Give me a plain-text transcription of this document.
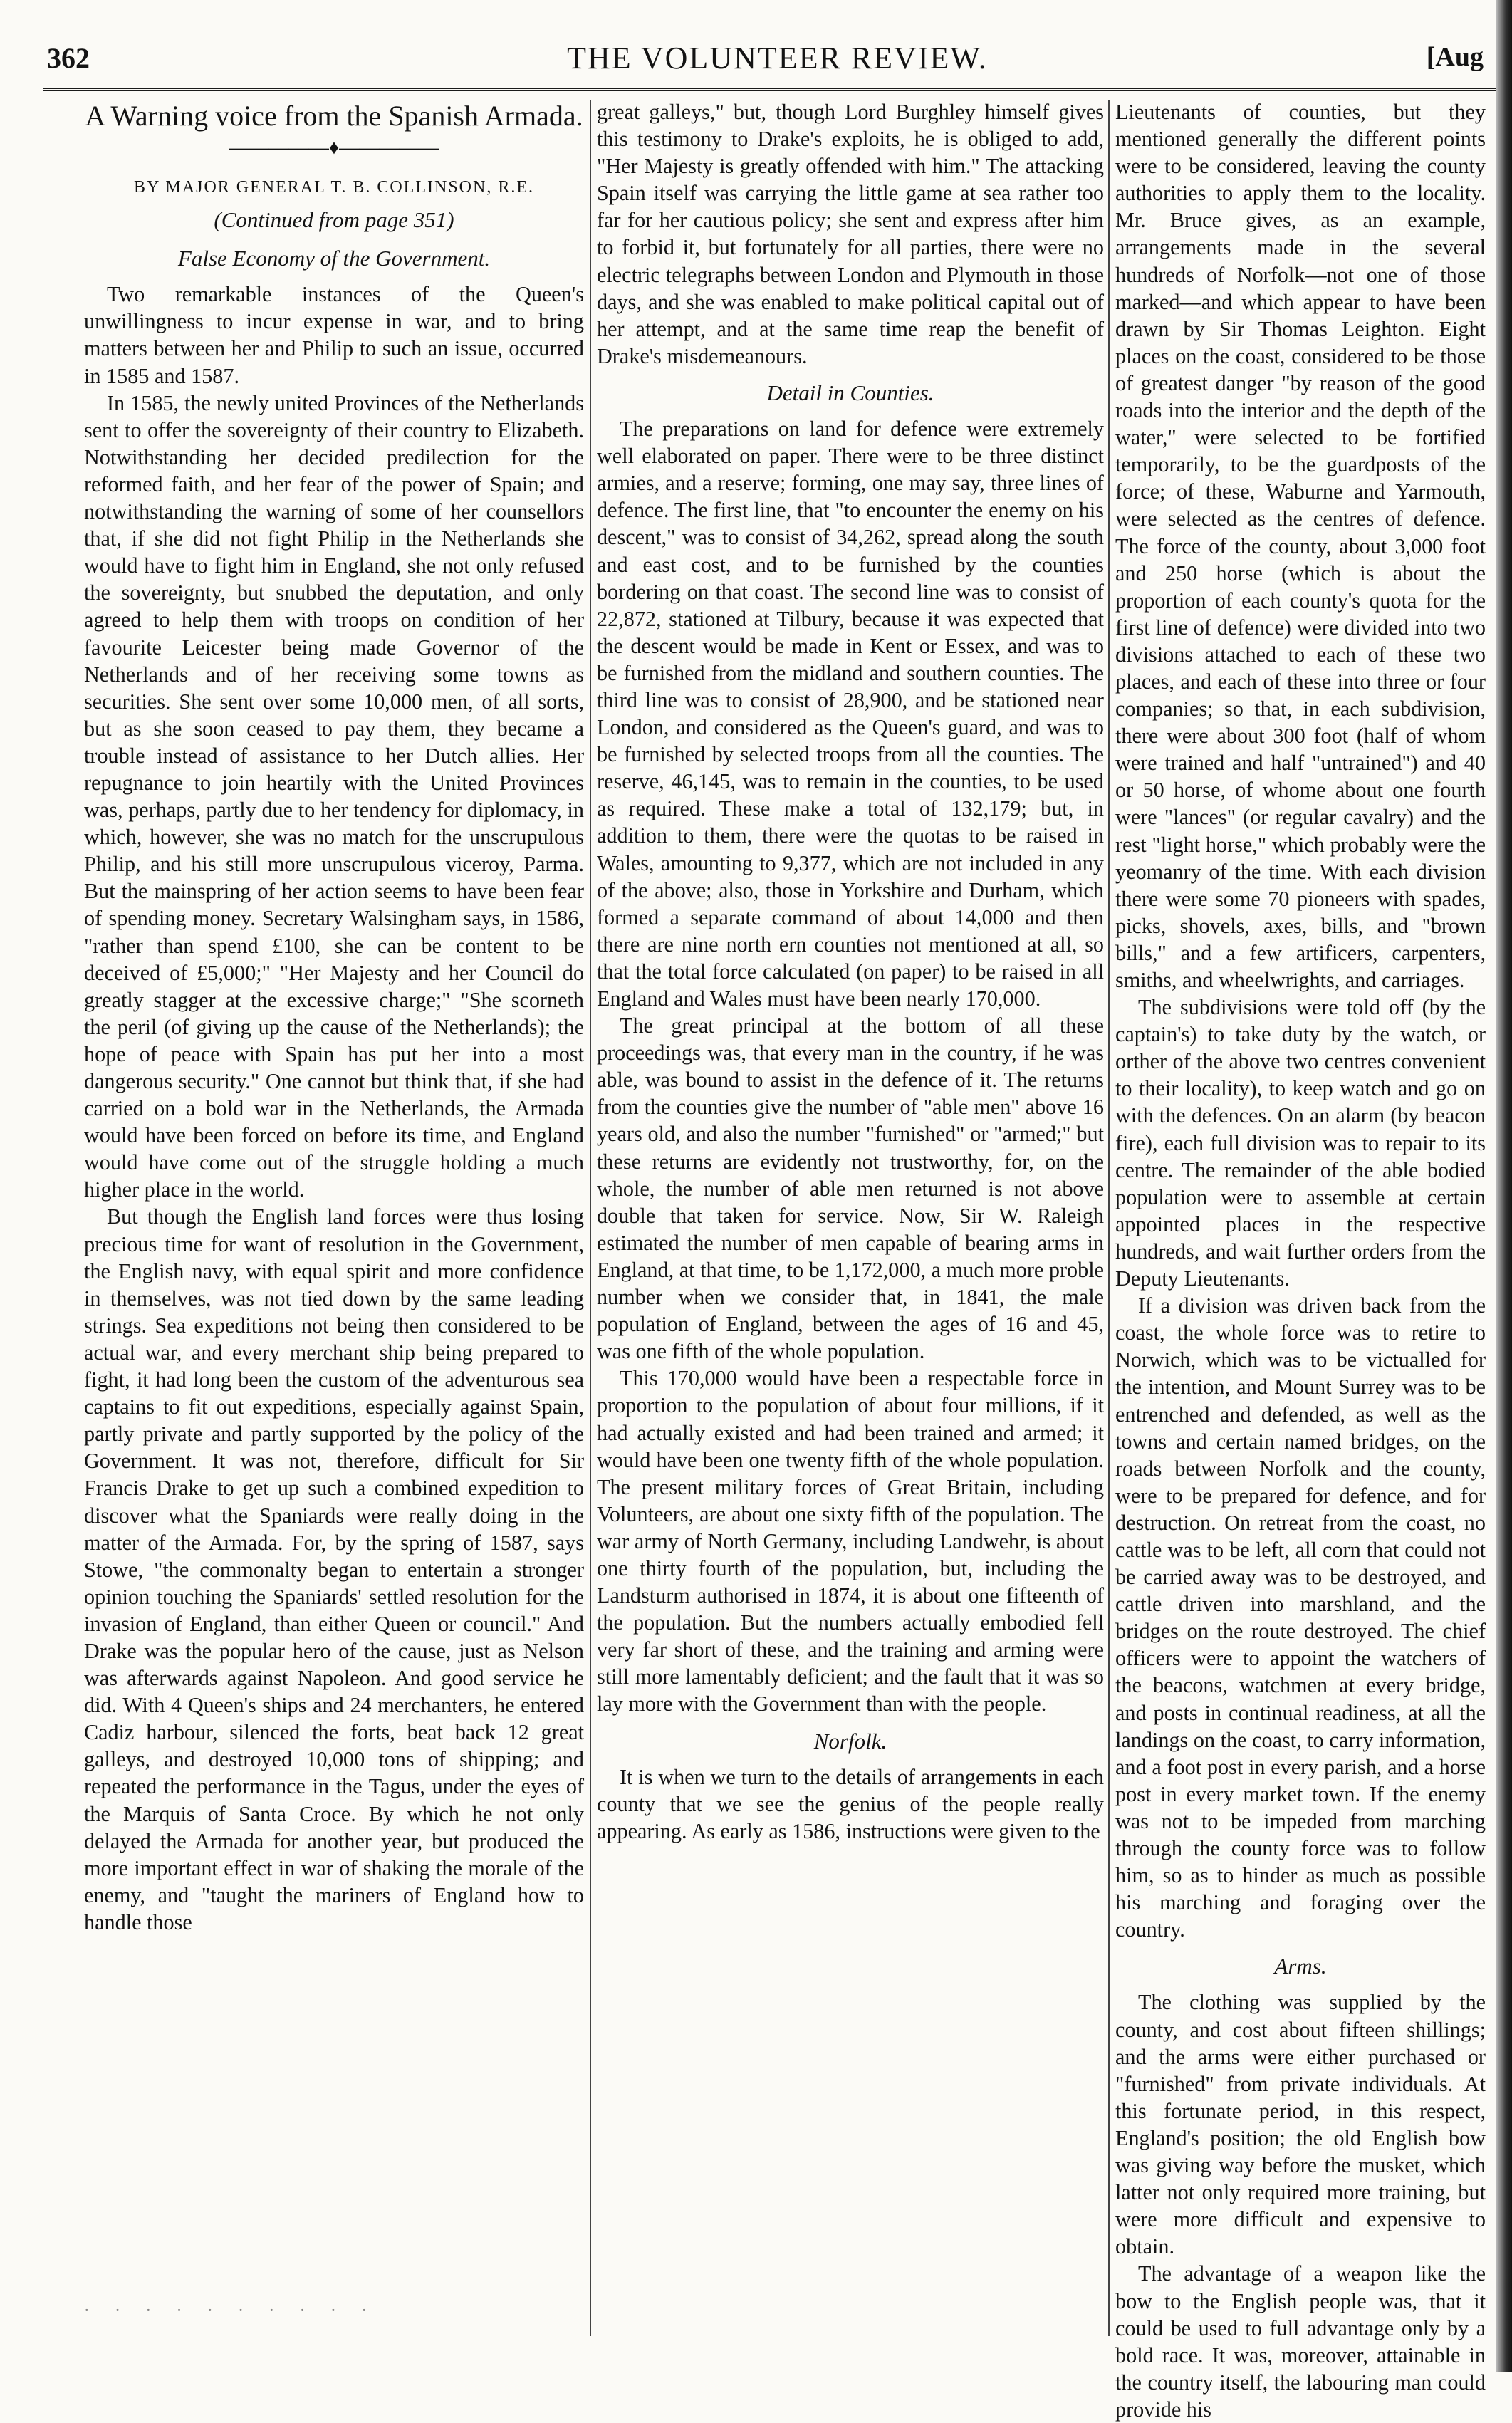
362	THE VOLUNTEER REVIEW.	[Aug
A Warning voice from the Spanish Armada.
—————♦—————
BY MAJOR GENERAL T. B. COLLINSON, R.E.
(Continued from page 351)
False Economy of the Government.

Two remarkable instances of the Queen's unwillingness to incur expense in war, and to bring matters between her and Philip to such an issue, occurred in 1585 and 1587.

In 1585, the newly united Provinces of the Netherlands sent to offer the sovereignty of their country to Elizabeth. Notwithstanding her decided predilection for the reformed faith, and her fear of the power of Spain; and notwithstanding the warning of some of her counsellors that, if she did not fight Philip in the Netherlands she would have to fight him in England, she not only refused the sovereignty, but snubbed the deputation, and only agreed to help them with troops on condition of her favourite Leicester being made Governor of the Netherlands and of her receiving some towns as securities. She sent over some 10,000 men, of all sorts, but as she soon ceased to pay them, they became a trouble instead of assistance to her Dutch allies. Her repugnance to join heartily with the United Provinces was, perhaps, partly due to her tendency for diplomacy, in which, however, she was no match for the unscrupulous Philip, and his still more unscrupulous viceroy, Parma. But the mainspring of her action seems to have been fear of spending money. Secretary Walsingham says, in 1586, "rather than spend £100, she can be content to be deceived of £5,000;" "Her Majesty and her Council do greatly stagger at the excessive charge;" "She scorneth the peril (of giving up the cause of the Netherlands); the hope of peace with Spain has put her into a most dangerous security." One cannot but think that, if she had carried on a bold war in the Netherlands, the Armada would have been forced on before its time, and England would have come out of the struggle holding a much higher place in the world.

But though the English land forces were thus losing precious time for want of resolution in the Government, the English navy, with equal spirit and more confidence in themselves, was not tied down by the same leading strings. Sea expeditions not being then considered to be actual war, and every merchant ship being prepared to fight, it had long been the custom of the adventurous sea captains to fit out expeditions, especially against Spain, partly private and partly supported by the policy of the Government. It was not, therefore, difficult for Sir Francis Drake to get up such a combined expedition to discover what the Spaniards were really doing in the matter of the Armada. For, by the spring of 1587, says Stowe, "the commonalty began to entertain a stronger opinion touching the Spaniards' settled resolution for the invasion of England, than either Queen or council." And Drake was the popular hero of the cause, just as Nelson was afterwards against Napoleon. And good service he did. With 4 Queen's ships and 24 merchanters, he entered Cadiz harbour, silenced the forts, beat back 12 great galleys, and destroyed 10,000 tons of shipping; and repeated the performance in the Tagus, under the eyes of the Marquis of Santa Croce. By which he not only delayed the Armada for another year, but produced the more important effect in war of shaking the morale of the enemy, and "taught the mariners of England how to handle those

great galleys," but, though Lord Burghley himself gives this testimony to Drake's exploits, he is obliged to add, "Her Majesty is greatly offended with him." The attacking Spain itself was carrying the little game at sea rather too far for her cautious policy; she sent and express after him to forbid it, but fortunately for all parties, there were no electric telegraphs between London and Plymouth in those days, and she was enabled to make political capital out of her attempt, and at the same time reap the benefit of Drake's misdemeanours.

Detail in Counties.

The preparations on land for defence were extremely well elaborated on paper. There were to be three distinct armies, and a reserve; forming, one may say, three lines of defence. The first line, that "to encounter the enemy on his descent," was to consist of 34,262, spread along the south and east cost, and to be furnished by the counties bordering on that coast. The second line was to consist of 22,872, stationed at Tilbury, because it was expected that the descent would be made in Kent or Essex, and was to be furnished from the midland and southern counties. The third line was to consist of 28,900, and be stationed near London, and considered as the Queen's guard, and was to be furnished by selected troops from all the counties. The reserve, 46,145, was to remain in the counties, to be used as required. These make a total of 132,179; but, in addition to them, there were the quotas to be raised in Wales, amounting to 9,377, which are not included in any of the above; also, those in Yorkshire and Durham, which formed a separate command of about 14,000 and then there are nine north ern counties not mentioned at all, so that the total force calculated (on paper) to be raised in all England and Wales must have been nearly 170,000.

The great principal at the bottom of all these proceedings was, that every man in the country, if he was able, was bound to assist in the defence of it. The returns from the counties give the number of "able men" above 16 years old, and also the number "furnished" or "armed;" but these returns are evidently not trustworthy, for, on the whole, the number of able men returned is not above double that taken for service. Now, Sir W. Raleigh estimated the number of men capable of bearing arms in England, at that time, to be 1,172,000, a much more proble number when we consider that, in 1841, the male population of England, between the ages of 16 and 45, was one fifth of the whole population.

This 170,000 would have been a respectable force in proportion to the population of about four millions, if it had actually existed and had been trained and armed; it would have been one twenty fifth of the whole population. The present military forces of Great Britain, including Volunteers, are about one sixty fifth of the population. The war army of North Germany, including Landwehr, is about one thirty fourth of the population, but, including the Landsturm authorised in 1874, it is about one fifteenth of the population. But the numbers actually embodied fell very far short of these, and the training and arming were still more lamentably deficient; and the fault that it was so lay more with the Government than with the people.

Norfolk.

It is when we turn to the details of arrangements in each county that we see the genius of the people really appearing. As early as 1586, instructions were given to the

Lieutenants of counties, but they mentioned generally the different points were to be considered, leaving the county authorities to apply them to the locality. Mr. Bruce gives, as an example, arrangements made in the several hundreds of Norfolk—not one of those marked—and which appear to have been drawn by Sir Thomas Leighton. Eight places on the coast, considered to be those of greatest danger "by reason of the good roads into the interior and the depth of the water," were selected to be fortified temporarily, to be the guardposts of the force; of these, Waburne and Yarmouth, were selected as the centres of defence. The force of the county, about 3,000 foot and 250 horse (which is about the proportion of each county's quota for the first line of defence) were divided into two divisions attached to each of these two places, and each of these into three or four companies; so that, in each subdivision, there were about 300 foot (half of whom were trained and half "untrained") and 40 or 50 horse, of whome about one fourth were "lances" (or regular cavalry) and the rest "light horse," which probably were the yeomanry of the time. With each division there were some 70 pioneers with spades, picks, shovels, axes, bills, and "brown bills," and a few artificers, carpenters, smiths, and wheelwrights, and carriages.

The subdivisions were told off (by the captain's) to take duty by the watch, or orther of the above two centres convenient to their locality), to keep watch and go on with the defences. On an alarm (by beacon fire), each full division was to repair to its centre. The remainder of the able bodied population were to assemble at certain appointed places in the respective hundreds, and wait further orders from the Deputy Lieutenants.

If a division was driven back from the coast, the whole force was to retire to Norwich, which was to be victualled for the intention, and Mount Surrey was to be entrenched and defended, as well as the towns and certain named bridges, on the roads between Norfolk and the county, were to be prepared for defence, and for destruction. On retreat from the coast, no cattle was to be left, all corn that could not be carried away was to be destroyed, and cattle driven into marshland, and the bridges on the route destroyed. The chief officers were to appoint the watchers of the beacons, watchmen at every bridge, and posts in continual readiness, at all the landings on the coast, to carry information, and a foot post in every parish, and a horse post in every market town. If the enemy was not to be impeded from marching through the county force was to follow him, so as to hinder as much as possible his marching and foraging over the country.

Arms.

The clothing was supplied by the county, and cost about fifteen shillings; and the arms were either purchased or "furnished" from private individuals. At this fortunate period, in this respect, England's position; the old English bow was giving way before the musket, which latter not only required more training, but were more difficult and expensive to obtain.

The advantage of a weapon like the bow to the English people was, that it could be used to full advantage only by a bold race. It was, moreover, attainable in the country itself, the labouring man could provide his

· · · · · · · · · ·
